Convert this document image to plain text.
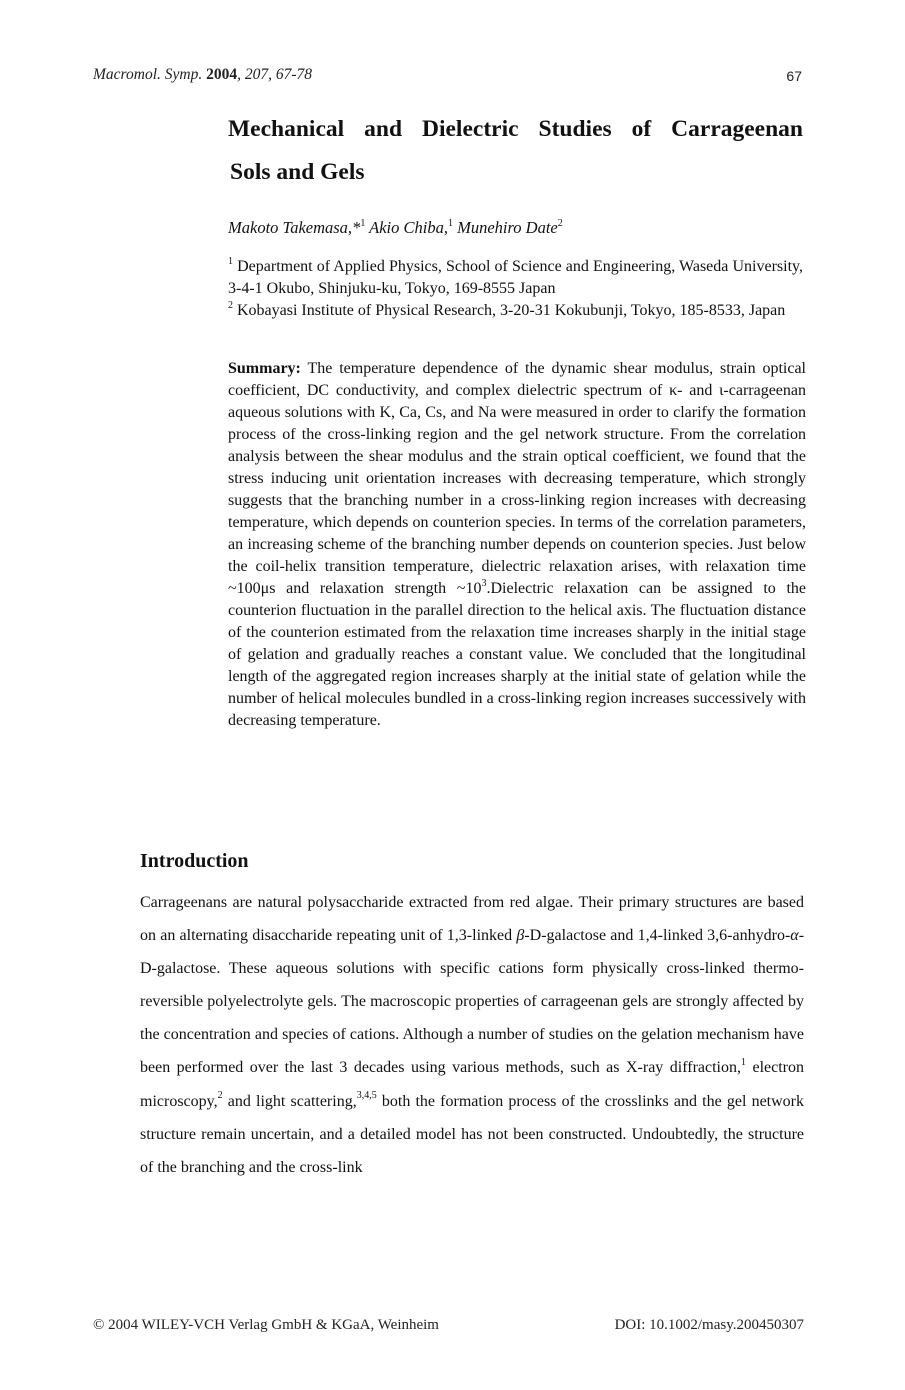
Macromol. Symp. 2004, 207, 67-78	67
Mechanical and Dielectric Studies of Carrageenan
Sols and Gels
Makoto Takemasa,*$^1$ Akio Chiba,$^1$ Munehiro Date$^2$
$^1$ Department of Applied Physics, School of Science and Engineering, Waseda University, 3-4-1 Okubo, Shinjuku-ku, Tokyo, 169-8555 Japan
$^2$ Kobayasi Institute of Physical Research, 3-20-31 Kokubunji, Tokyo, 185-8533, Japan
Summary: The temperature dependence of the dynamic shear modulus, strain optical coefficient, DC conductivity, and complex dielectric spectrum of κ- and ι-carrageenan aqueous solutions with K, Ca, Cs, and Na were measured in order to clarify the formation process of the cross-linking region and the gel network structure. From the correlation analysis between the shear modulus and the strain optical coefficient, we found that the stress inducing unit orientation increases with decreasing temperature, which strongly suggests that the branching number in a cross-linking region increases with decreasing temperature, which depends on counterion species. In terms of the correlation parameters, an increasing scheme of the branching number depends on counterion species. Just below the coil-helix transition temperature, dielectric relaxation arises, with relaxation time ~100μs and relaxation strength $\sim 10^3.Dielectric$ relaxation can be assigned to the counterion fluctuation in the parallel direction to the helical axis. The fluctuation distance of the counterion estimated from the relaxation time increases sharply in the initial stage of gelation and gradually reaches a constant value. We concluded that the longitudinal length of the aggregated region increases sharply at the initial state of gelation while the number of helical molecules bundled in a cross-linking region increases successively with decreasing temperature.
Introduction
Carrageenans are natural polysaccharide extracted from red algae. Their primary structures are based on an alternating disaccharide repeating unit of 1,3-linked β-D-galactose and 1,4-linked 3,6-anhydro-α-D-galactose. These aqueous solutions with specific cations form physically cross-linked thermo-reversible polyelectrolyte gels. The macroscopic properties of carrageenan gels are strongly affected by the concentration and species of cations. Although a number of studies on the gelation mechanism have been performed over the last 3 decades using various methods, such as X-ray diffraction,$^1$ electron microscopy,$^2$ and light scattering,$^{3,4,5}$ both the formation process of the crosslinks and the gel network structure remain uncertain, and a detailed model has not been constructed. Undoubtedly, the structure of the branching and the cross-link
© 2004 WILEY-VCH Verlag GmbH & KGaA, Weinheim	DOI: 10.1002/masy.200450307
